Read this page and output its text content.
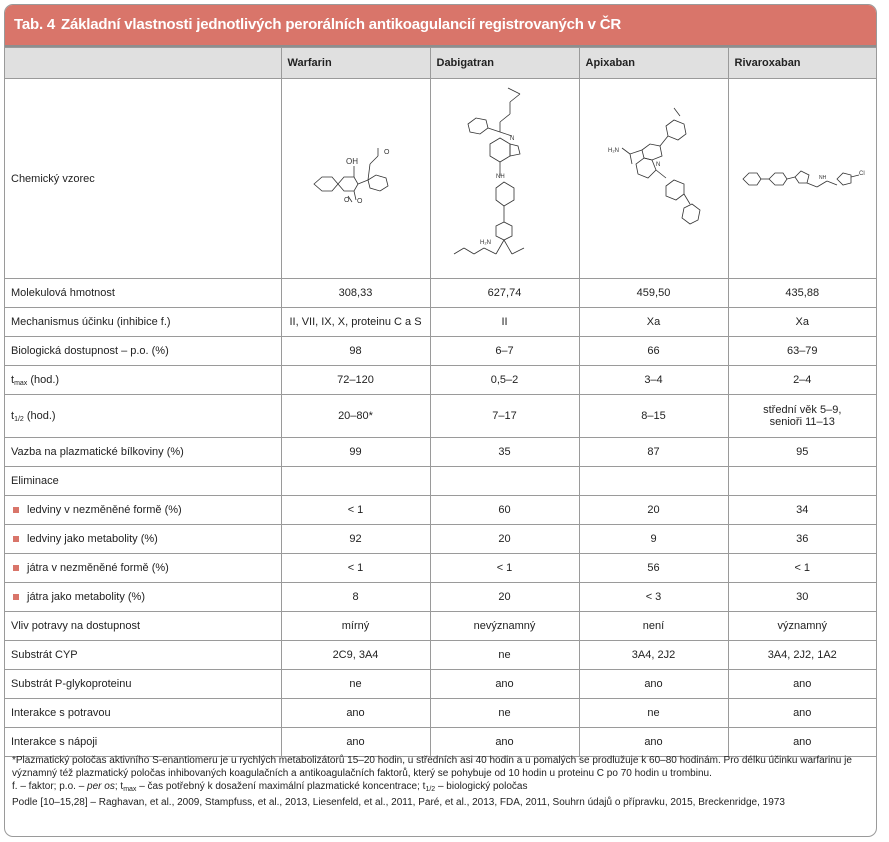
Tab. 4 Základní vlastnosti jednotlivých perorálních antikoagulancií registrovaných v ČR
	Warfarin	Dabigatran	Apixaban	Rivaroxaban
Chemický vzorec	OH
O O
O	NH
H₂N
N	H₂N
N	Cl
NH

Molekulová hmotnost	308,33	627,74	459,50	435,88
Mechanismus účinku (inhibice f.)	II, VII, IX, X, proteinu C a S	II	Xa	Xa
Biologická dostupnost – p.o. (%)	98	6–7	66	63–79
$t_{max}$ (hod.)	72–120	0,5–2	3–4	2–4
$t_{1/2}$ (hod.)	20–80*	7–17	8–15	střední věk 5–9,
senioři 11–13

Vazba na plazmatické bílkoviny (%)	99	35	87	95
Eliminace				
ledviny v nezměněné formě (%)	< 1	60	20	34
ledviny jako metabolity (%)	92	20	9	36
játra v nezměněné formě (%)	< 1	< 1	56	< 1
játra jako metabolity (%)	8	20	< 3	30
Vliv potravy na dostupnost	mírný	nevýznamný	není	významný
Substrát CYP	2C9, 3A4	ne	3A4, 2J2	3A4, 2J2, 1A2
Substrát P-glykoproteinu	ne	ano	ano	ano
Interakce s potravou	ano	ne	ne	ano
Interakce s nápoji	ano	ano	ano	ano
*Plazmatický poločas aktivního S-enantiomeru je u rychlých metabolizátorů 15–20 hodin, u středních asi 40 hodin a u pomalých se prodlužuje k 60–80 hodinám. Pro délku účinku warfarinu je významný též plazmatický poločas inhibovaných koagulačních a antikoagulačních faktorů, který se pohybuje od 10 hodin u proteinu C po 70 hodin u trombinu.
f. – faktor; p.o. – per os; $t_{max}$ – čas potřebný k dosažení maximální plazmatické koncentrace; $t_{1/2}$ – biologický poločas
Podle [10–15,28] – Raghavan, et al., 2009, Stampfuss, et al., 2013, Liesenfeld, et al., 2011, Paré, et al., 2013, FDA, 2011, Souhrn údajů o přípravku, 2015, Breckenridge, 1973
